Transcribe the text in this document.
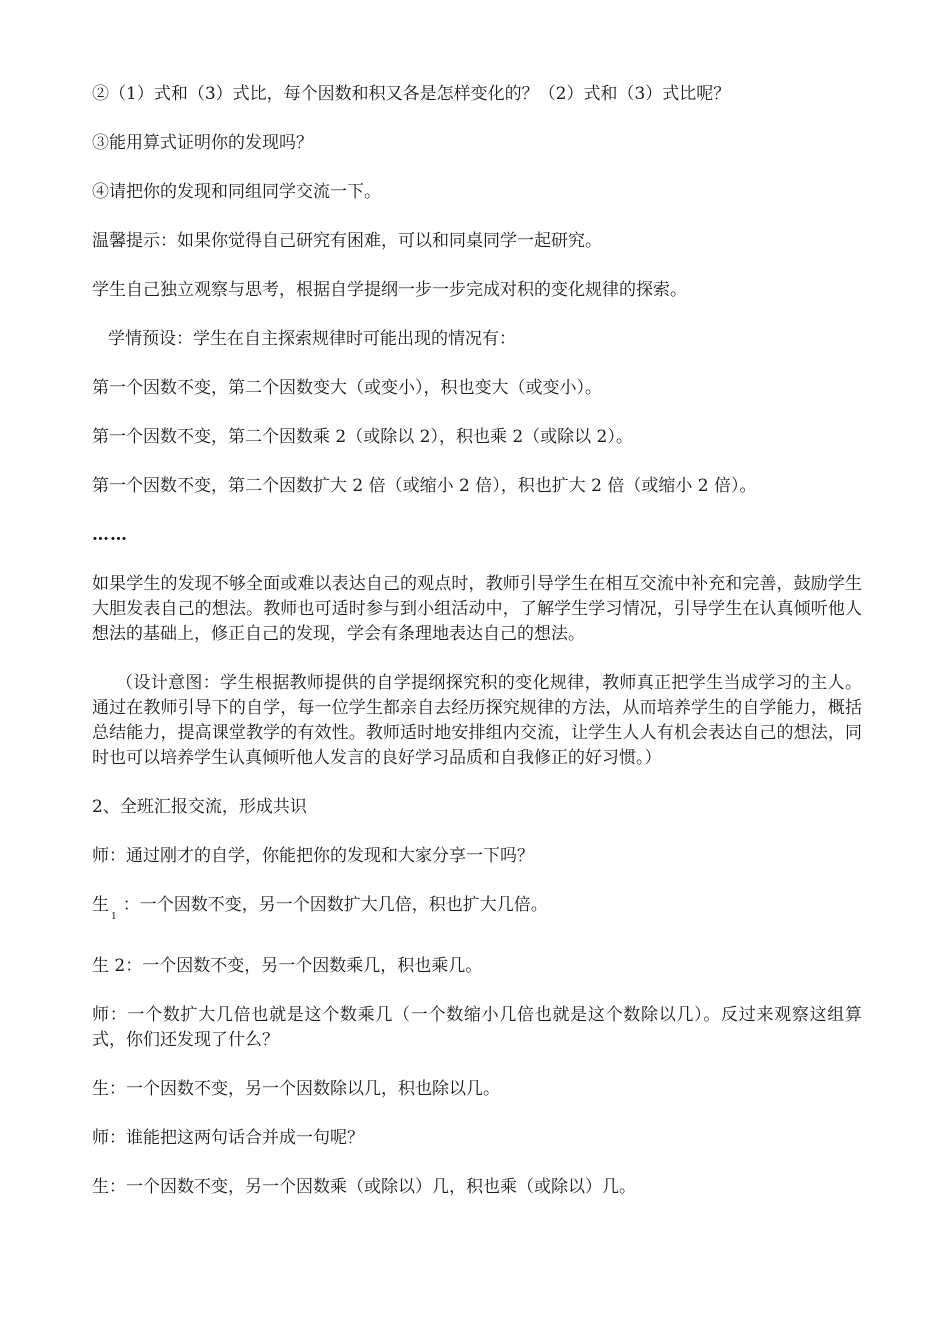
②（1）式和（3）式比，每个因数和积又各是怎样变化的？（2）式和（3）式比呢？

③能用算式证明你的发现吗？

④请把你的发现和同组同学交流一下。

温馨提示：如果你觉得自己研究有困难，可以和同桌同学一起研究。

学生自己独立观察与思考，根据自学提纲一步一步完成对积的变化规律的探索。

学情预设：学生在自主探索规律时可能出现的情况有：

第一个因数不变，第二个因数变大（或变小），积也变大（或变小）。

第一个因数不变，第二个因数乘 2（或除以 2），积也乘 2（或除以 2）。

第一个因数不变，第二个因数扩大 2 倍（或缩小 2 倍），积也扩大 2 倍（或缩小 2 倍）。

……

如果学生的发现不够全面或难以表达自己的观点时，教师引导学生在相互交流中补充和完善，鼓励学生大胆发表自己的想法。教师也可适时参与到小组活动中，了解学生学习情况，引导学生在认真倾听他人想法的基础上，修正自己的发现，学会有条理地表达自己的想法。

（设计意图：学生根据教师提供的自学提纲探究积的变化规律，教师真正把学生当成学习的主人。通过在教师引导下的自学，每一位学生都亲自去经历探究规律的方法，从而培养学生的自学能力，概括总结能力，提高课堂教学的有效性。教师适时地安排组内交流，让学生人人有机会表达自己的想法，同时也可以培养学生认真倾听他人发言的良好学习品质和自我修正的好习惯。）

2、全班汇报交流，形成共识

师：通过刚才的自学，你能把你的发现和大家分享一下吗？

生$_1$：一个因数不变，另一个因数扩大几倍，积也扩大几倍。

生 2：一个因数不变，另一个因数乘几，积也乘几。

师：一个数扩大几倍也就是这个数乘几（一个数缩小几倍也就是这个数除以几）。反过来观察这组算式，你们还发现了什么？

生：一个因数不变，另一个因数除以几，积也除以几。

师：谁能把这两句话合并成一句呢？

生：一个因数不变，另一个因数乘（或除以）几，积也乘（或除以）几。
